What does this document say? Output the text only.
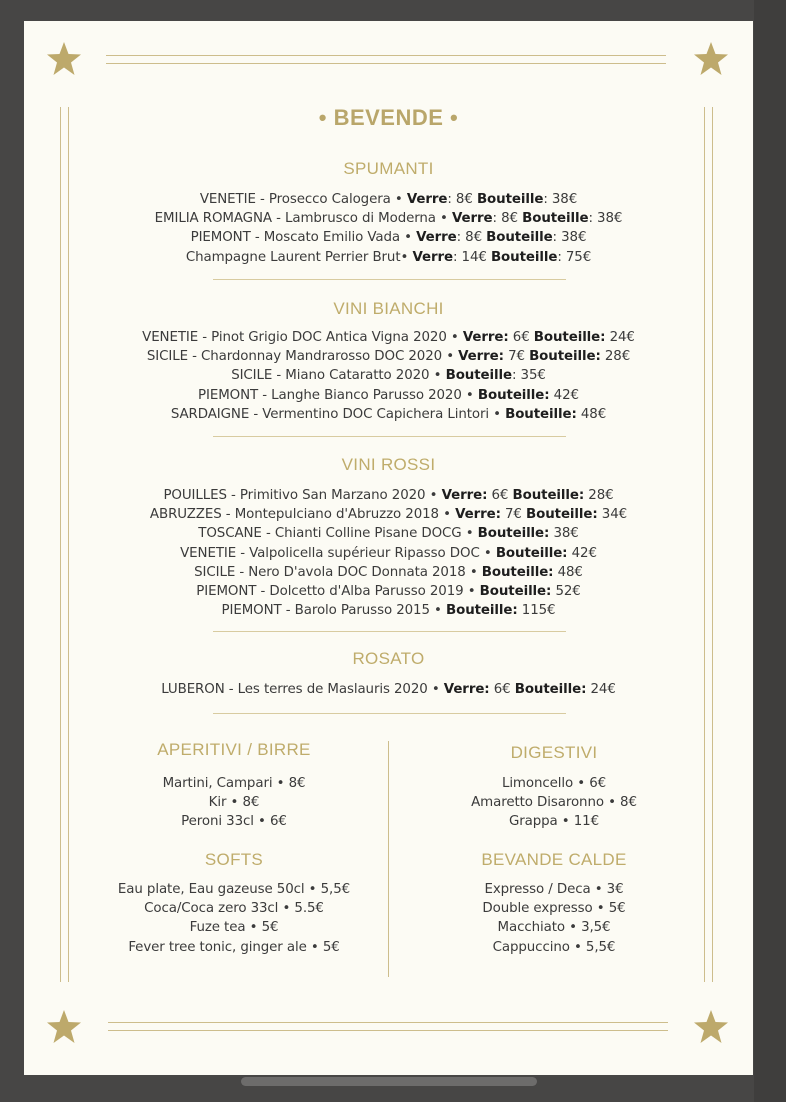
• BEVENDE •
SPUMANTI
VENETIE - Prosecco Calogera • Verre: 8€ Bouteille: 38€
EMILIA ROMAGNA - Lambrusco di Moderna • Verre: 8€ Bouteille: 38€
PIEMONT - Moscato Emilio Vada • Verre: 8€ Bouteille: 38€
Champagne Laurent Perrier Brut• Verre: 14€ Bouteille: 75€
VINI BIANCHI
VENETIE - Pinot Grigio DOC Antica Vigna 2020 • Verre: 6€ Bouteille: 24€
SICILE - Chardonnay Mandrarosso DOC 2020 • Verre: 7€ Bouteille: 28€
SICILE - Miano Cataratto 2020 • Bouteille: 35€
PIEMONT - Langhe Bianco Parusso 2020 • Bouteille: 42€
SARDAIGNE - Vermentino DOC Capichera Lintori • Bouteille: 48€
VINI ROSSI
POUILLES - Primitivo San Marzano 2020 • Verre: 6€ Bouteille: 28€
ABRUZZES - Montepulciano d'Abruzzo 2018 • Verre: 7€ Bouteille: 34€
TOSCANE - Chianti Colline Pisane DOCG • Bouteille: 38€
VENETIE - Valpolicella supérieur Ripasso DOC • Bouteille: 42€
SICILE - Nero D'avola DOC Donnata 2018 • Bouteille: 48€
PIEMONT - Dolcetto d'Alba Parusso 2019 • Bouteille: 52€
PIEMONT - Barolo Parusso 2015 • Bouteille: 115€
ROSATO
LUBERON - Les terres de Maslauris 2020 • Verre: 6€ Bouteille: 24€
APERITIVI / BIRRE
Martini, Campari • 8€
Kir • 8€
Peroni 33cl • 6€
DIGESTIVI
Limoncello • 6€
Amaretto Disaronno • 8€
Grappa • 11€
SOFTS
Eau plate, Eau gazeuse 50cl • 5,5€
Coca/Coca zero 33cl • 5.5€
Fuze tea • 5€
Fever tree tonic, ginger ale • 5€
BEVANDE CALDE
Expresso / Deca • 3€
Double expresso • 5€
Macchiato • 3,5€
Cappuccino • 5,5€
